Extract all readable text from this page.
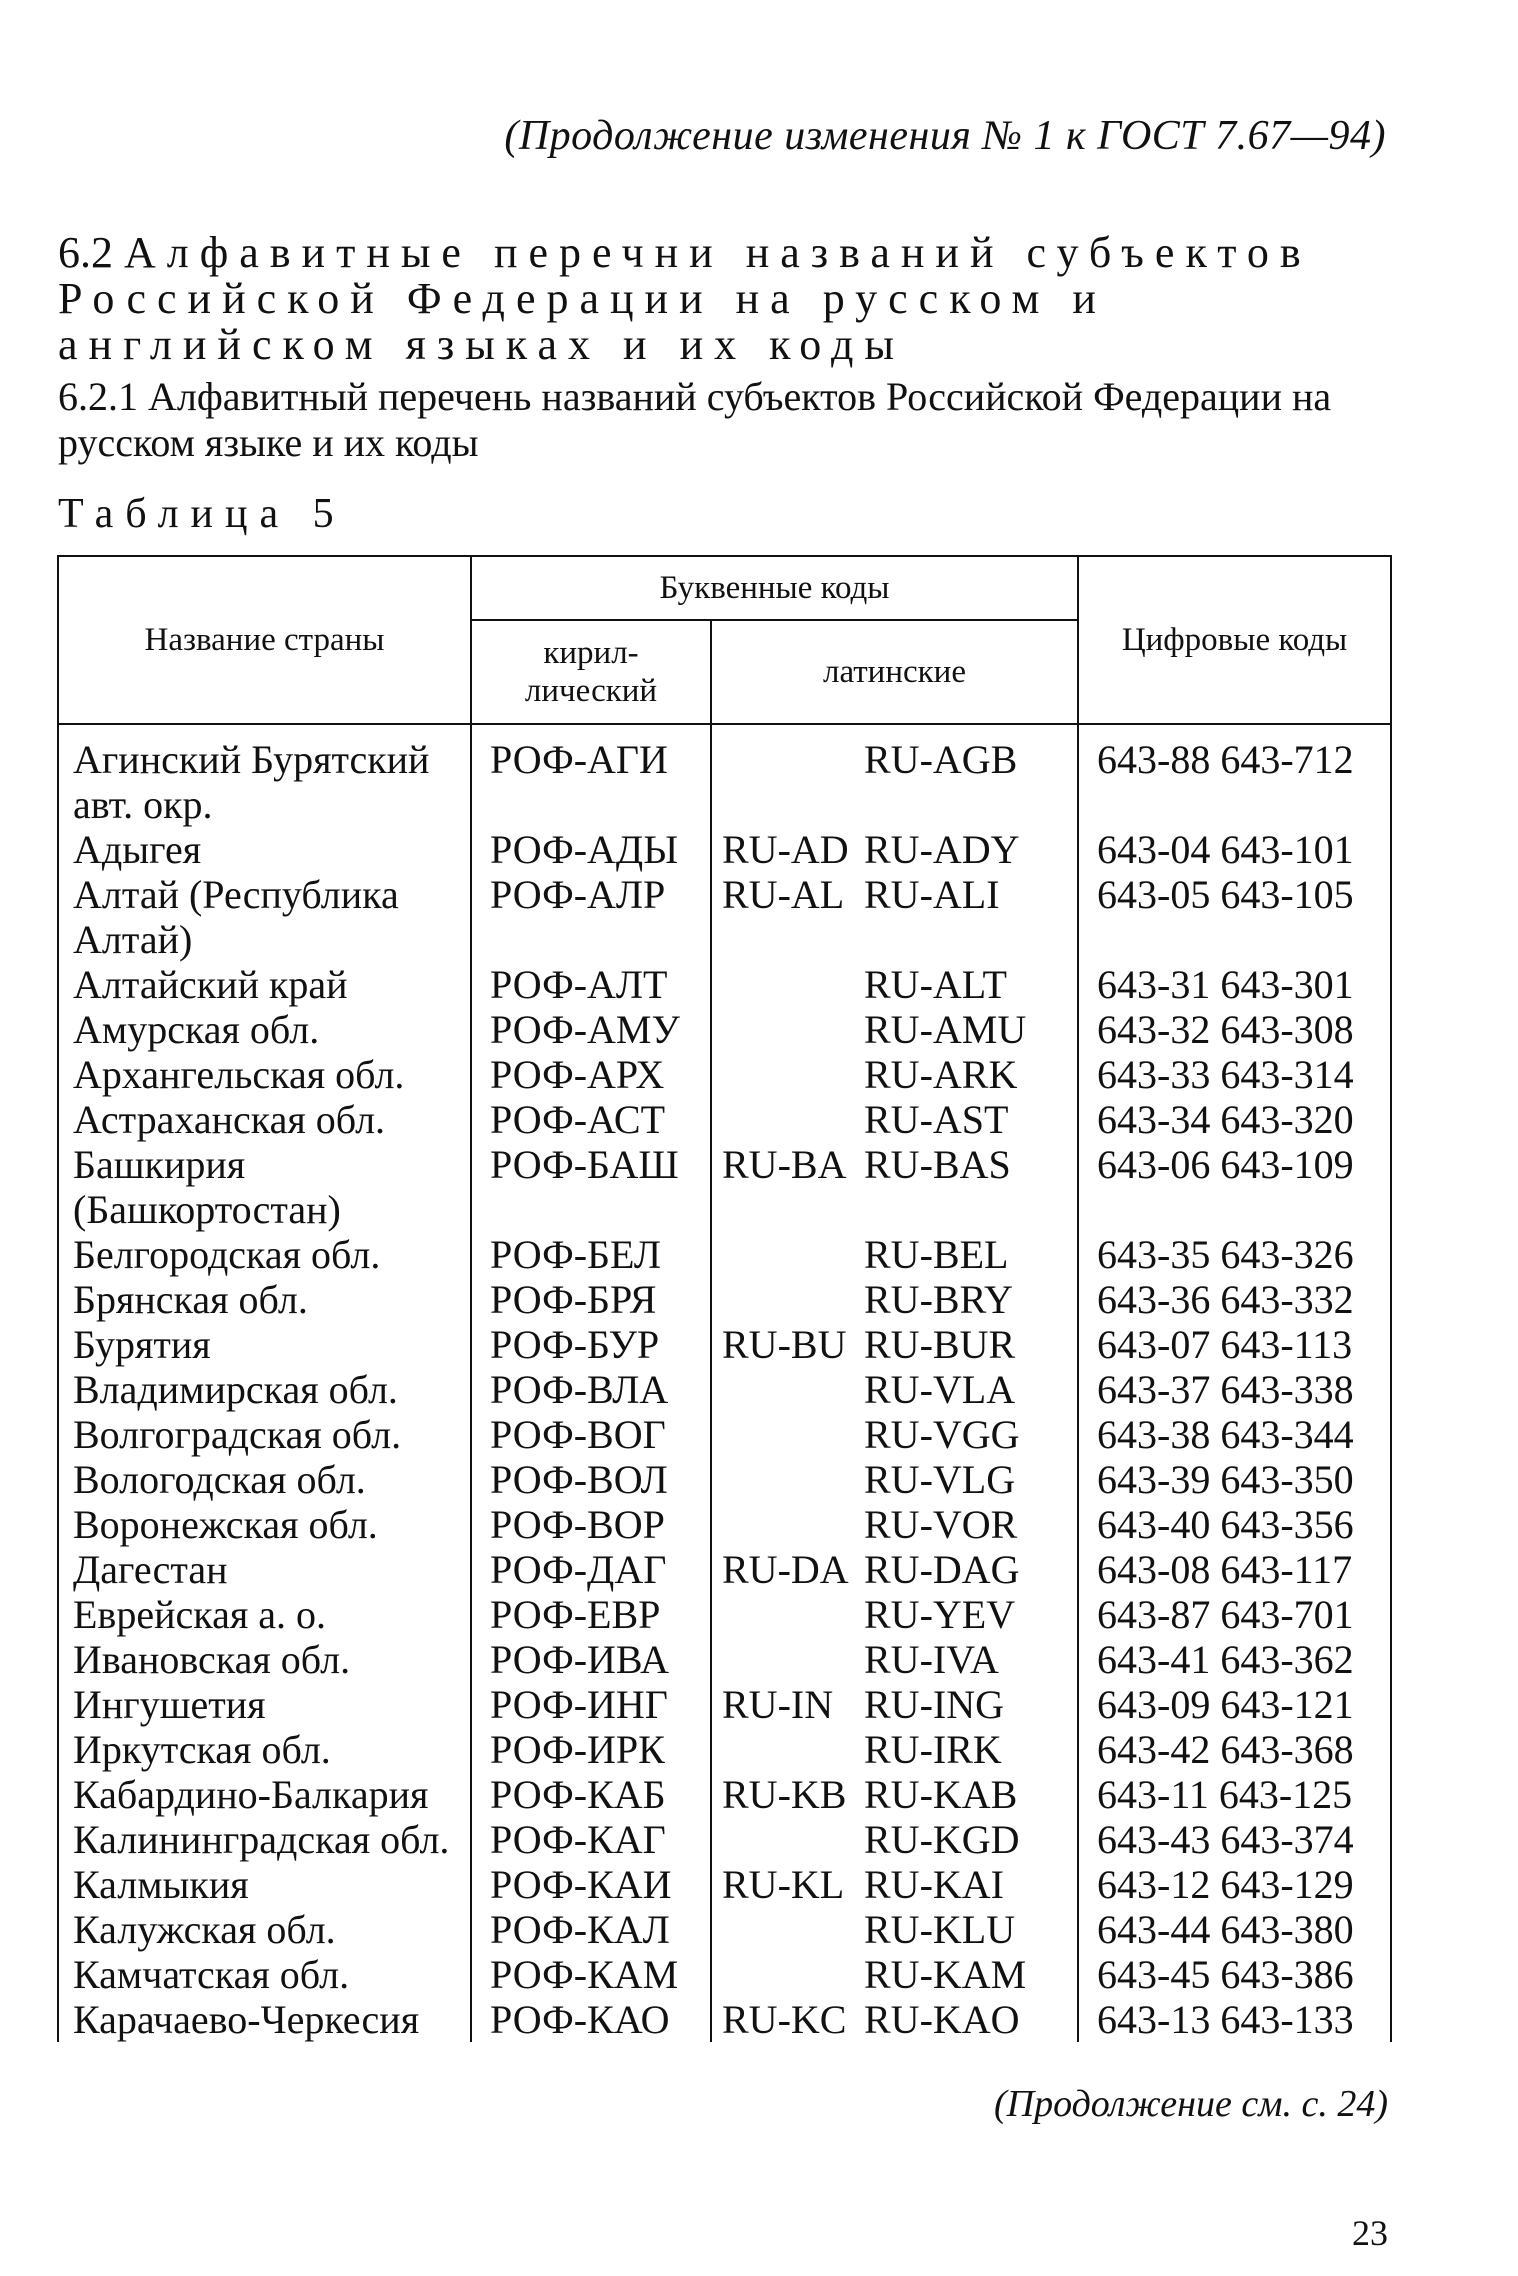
(Продолжение изменения № 1 к ГОСТ 7.67—94)

6.2 Алфавитные перечни названий субъектов Российской Федерации на русском и английском языках и их коды

6.2.1 Алфавитный перечень названий субъектов Российской Федерации на русском языке и их коды

Таблица 5

Название страны	Буквенные коды		Цифровые коды
	кирил-лический	латинские	

Агинский Бурятский авт. окр.	РОФ-АГИ	RU-AGB	643-88 643-712
Адыгея	РОФ-АДЫ	RU-AD RU-ADY	643-04 643-101
Алтай (Республика Алтай)	РОФ-АЛР	RU-AL RU-ALI	643-05 643-105
Алтайский край	РОФ-АЛТ	RU-ALT	643-31 643-301
Амурская обл.	РОФ-АМУ	RU-AMU	643-32 643-308
Архангельская обл.	РОФ-АРХ	RU-ARK	643-33 643-314
Астраханская обл.	РОФ-АСТ	RU-AST	643-34 643-320
Башкирия (Башкортостан)	РОФ-БАШ	RU-BA RU-BAS	643-06 643-109
Белгородская обл.	РОФ-БЕЛ	RU-BEL	643-35 643-326
Брянская обл.	РОФ-БРЯ	RU-BRY	643-36 643-332
Бурятия	РОФ-БУР	RU-BU RU-BUR	643-07 643-113
Владимирская обл.	РОФ-ВЛА	RU-VLA	643-37 643-338
Волгоградская обл.	РОФ-ВОГ	RU-VGG	643-38 643-344
Вологодская обл.	РОФ-ВОЛ	RU-VLG	643-39 643-350
Воронежская обл.	РОФ-ВОР	RU-VOR	643-40 643-356
Дагестан	РОФ-ДАГ	RU-DA RU-DAG	643-08 643-117
Еврейская а. о.	РОФ-ЕВР	RU-YEV	643-87 643-701
Ивановская обл.	РОФ-ИВА	RU-IVA	643-41 643-362
Ингушетия	РОФ-ИНГ	RU-IN RU-ING	643-09 643-121
Иркутская обл.	РОФ-ИРК	RU-IRK	643-42 643-368
Кабардино-Балкария	РОФ-КАБ	RU-KB RU-KAB	643-11 643-125
Калининградская обл.	РОФ-КАГ	RU-KGD	643-43 643-374
Калмыкия	РОФ-КАИ	RU-KL RU-KAI	643-12 643-129
Калужская обл.	РОФ-КАЛ	RU-KLU	643-44 643-380
Камчатская обл.	РОФ-КАМ	RU-KAM	643-45 643-386
Карачаево-Черкесия	РОФ-КАО	RU-KC RU-KAO	643-13 643-133

(Продолжение см. с. 24)

23
